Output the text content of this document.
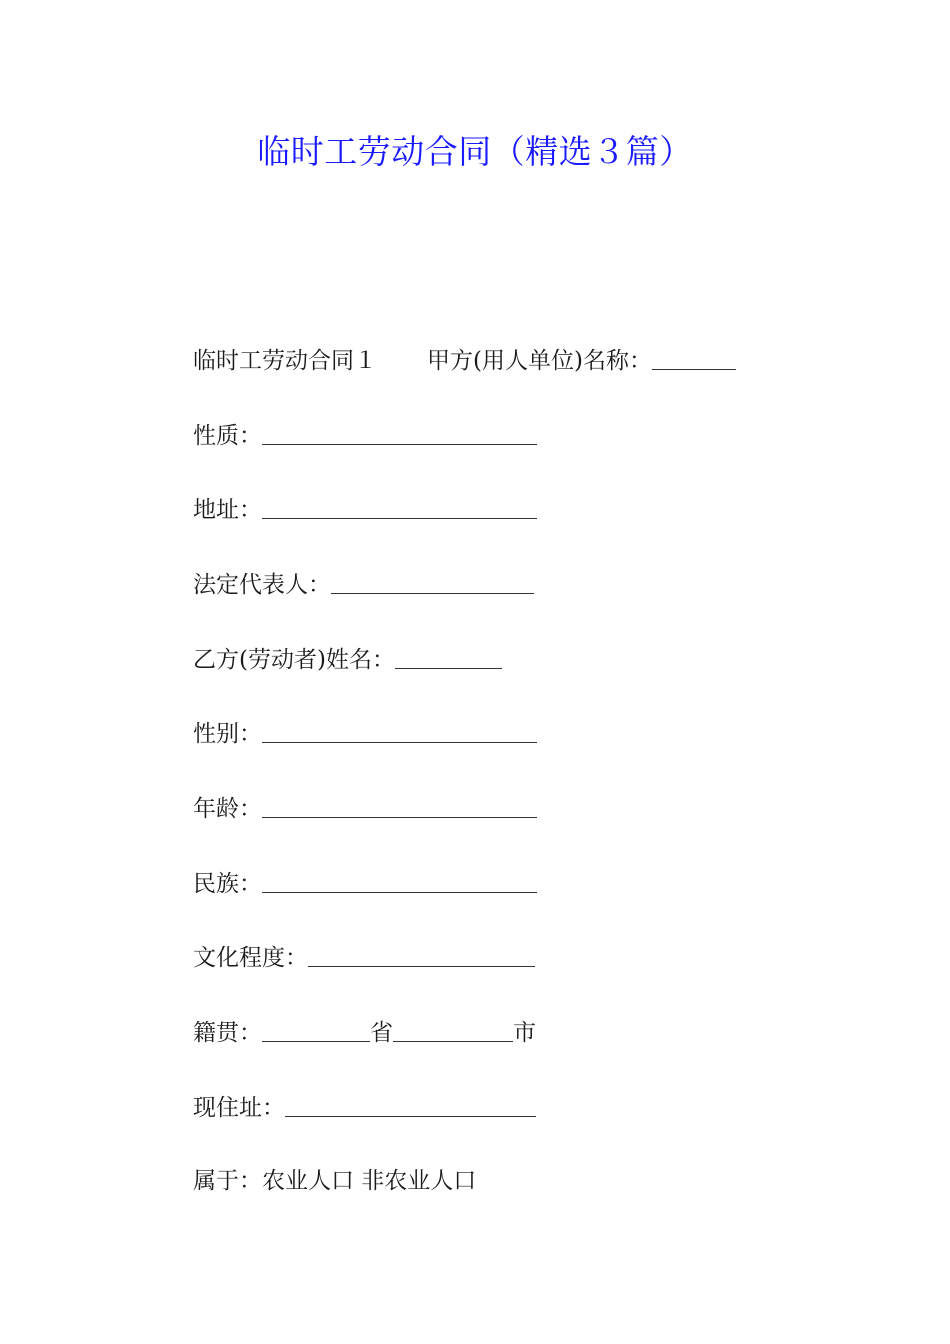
临时工劳动合同（精选３篇）
临时工劳动合同１ 甲方(用人单位)名称：
性质：
地址：
法定代表人：
乙方(劳动者)姓名：
性别：
年龄：
民族：
文化程度：
籍贯：	省	市
现住址：
属于：农业人口 非农业人口
